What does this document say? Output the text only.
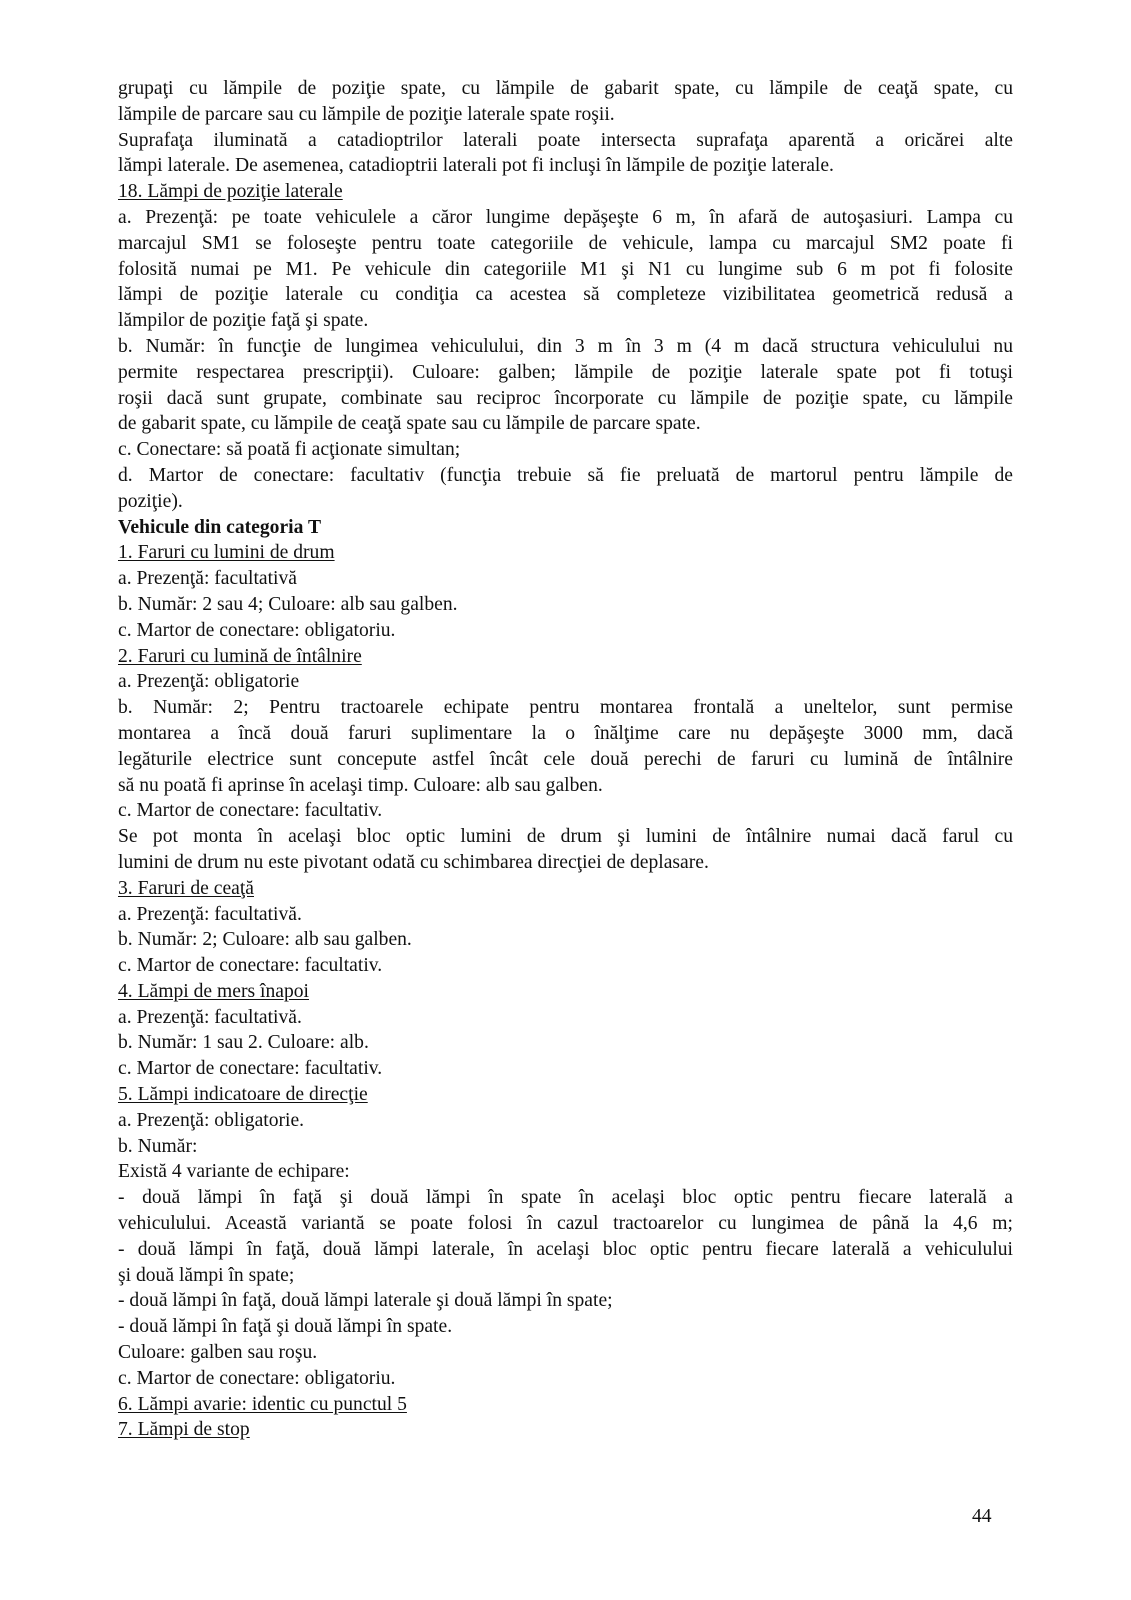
grupaţi cu lămpile de poziţie spate, cu lămpile de gabarit spate, cu lămpile de ceaţă spate, cu
lămpile de parcare sau cu lămpile de poziţie laterale spate roşii.
Suprafaţa iluminată a catadioptrilor laterali poate intersecta suprafaţa aparentă a oricărei alte
lămpi laterale. De asemenea, catadioptrii laterali pot fi incluşi în lămpile de poziţie laterale.
18. Lămpi de poziţie laterale
a. Prezenţă: pe toate vehiculele a căror lungime depăşeşte 6 m, în afară de autoşasiuri. Lampa cu
marcajul SM1 se foloseşte pentru toate categoriile de vehicule, lampa cu marcajul SM2 poate fi
folosită numai pe M1. Pe vehicule din categoriile M1 şi N1 cu lungime sub 6 m pot fi folosite
lămpi de poziţie laterale cu condiţia ca acestea să completeze vizibilitatea geometrică redusă a
lămpilor de poziţie faţă şi spate.
b. Număr: în funcţie de lungimea vehiculului, din 3 m în 3 m (4 m dacă structura vehiculului nu
permite respectarea prescripţii). Culoare: galben; lămpile de poziţie laterale spate pot fi totuşi
roşii dacă sunt grupate, combinate sau reciproc încorporate cu lămpile de poziţie spate, cu lămpile
de gabarit spate, cu lămpile de ceaţă spate sau cu lămpile de parcare spate.
c. Conectare: să poată fi acţionate simultan;
d. Martor de conectare: facultativ (funcţia trebuie să fie preluată de martorul pentru lămpile de
poziţie).
Vehicule din categoria T
1. Faruri cu lumini de drum
a. Prezenţă: facultativă
b. Număr: 2 sau 4; Culoare: alb sau galben.
c. Martor de conectare: obligatoriu.
2. Faruri cu lumină de întâlnire
a. Prezenţă: obligatorie
b. Număr: 2; Pentru tractoarele echipate pentru montarea frontală a uneltelor, sunt permise
montarea a încă două faruri suplimentare la o înălţime care nu depăşeşte 3000 mm, dacă
legăturile electrice sunt concepute astfel încât cele două perechi de faruri cu lumină de întâlnire
să nu poată fi aprinse în acelaşi timp. Culoare: alb sau galben.
c. Martor de conectare: facultativ.
Se pot monta în acelaşi bloc optic lumini de drum şi lumini de întâlnire numai dacă farul cu
lumini de drum nu este pivotant odată cu schimbarea direcţiei de deplasare.
3. Faruri de ceaţă
a. Prezenţă: facultativă.
b. Număr: 2; Culoare: alb sau galben.
c. Martor de conectare: facultativ.
4. Lămpi de mers înapoi
a. Prezenţă: facultativă.
b. Număr: 1 sau 2. Culoare: alb.
c. Martor de conectare: facultativ.
5. Lămpi indicatoare de direcţie
a. Prezenţă: obligatorie.
b. Număr:
Există 4 variante de echipare:
- două lămpi în faţă şi două lămpi în spate în acelaşi bloc optic pentru fiecare laterală a
vehiculului. Această variantă se poate folosi în cazul tractoarelor cu lungimea de până la 4,6 m;
- două lămpi în faţă, două lămpi laterale, în acelaşi bloc optic pentru fiecare laterală a vehiculului
şi două lămpi în spate;
- două lămpi în faţă, două lămpi laterale şi două lămpi în spate;
- două lămpi în faţă şi două lămpi în spate.
Culoare: galben sau roşu.
c. Martor de conectare: obligatoriu.
6. Lămpi avarie: identic cu punctul 5
7. Lămpi de stop
44
